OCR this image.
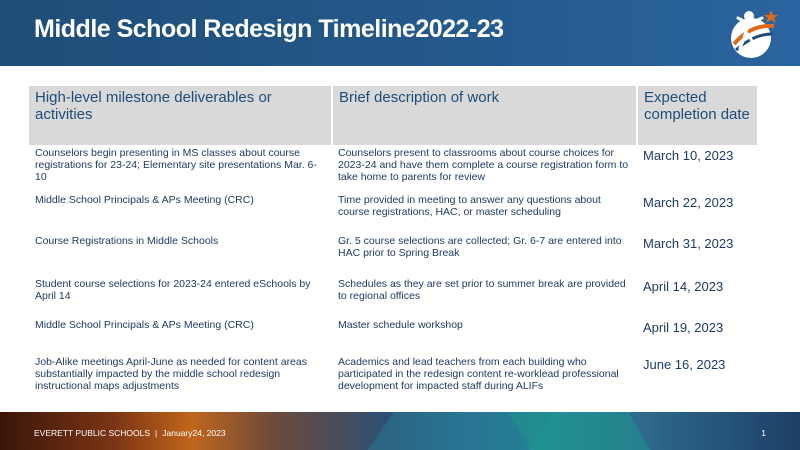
Middle School Redesign Timeline2022-23
High-level milestone deliverables or activities	Brief description of work	Expected completion date
Counselors begin presenting in MS classes about course registrations for 23-24; Elementary site presentations Mar. 6-10	Counselors present to classrooms about course choices for 2023-24 and have them complete a course registration form to take home to parents for review	March 10, 2023
Middle School Principals & APs Meeting (CRC)	Time provided in meeting to answer any questions about course registrations, HAC, or master scheduling	March 22, 2023
Course Registrations in Middle Schools	Gr. 5 course selections are collected; Gr. 6-7 are entered into HAC prior to Spring Break	March 31, 2023
Student course selections for 2023-24 entered eSchools by April 14	Schedules as they are set prior to summer break are provided to regional offices	April 14, 2023
Middle School Principals & APs Meeting (CRC)	Master schedule workshop	April 19, 2023
Job-Alike meetings April-June as needed for content areas substantially impacted by the middle school redesign instructional maps adjustments	Academics and lead teachers from each building who participated in the redesign content re-worklead professional development for impacted staff during ALIFs	June 16, 2023
EVERETT PUBLIC SCHOOLS | January24, 2023	1
